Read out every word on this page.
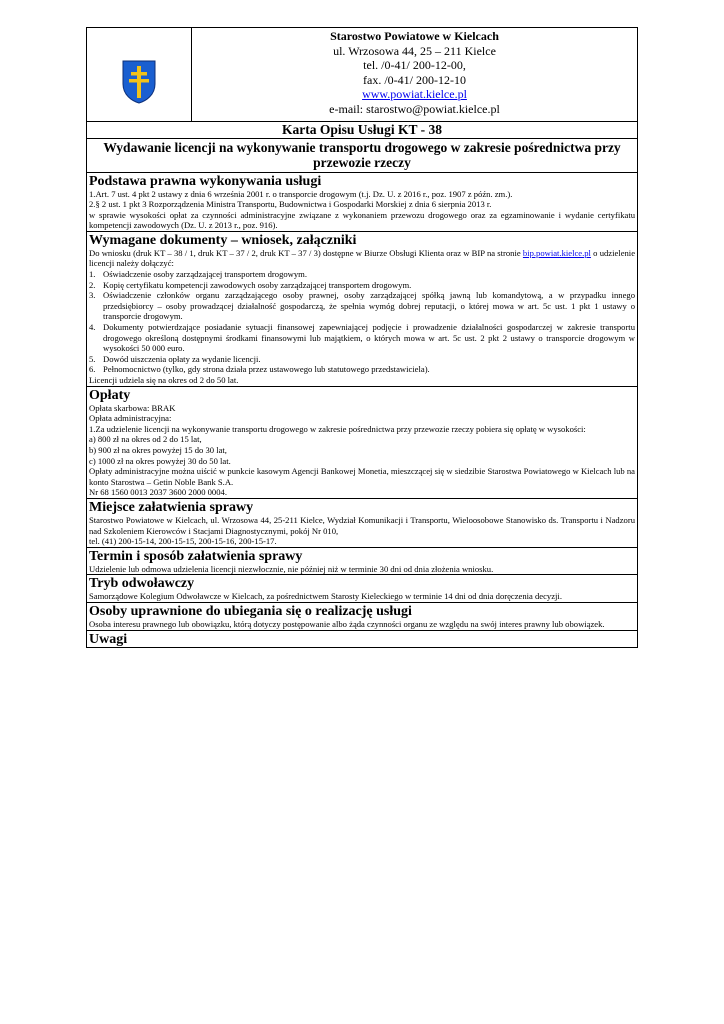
Starostwo Powiatowe w Kielcach
ul. Wrzosowa 44, 25 – 211 Kielce
tel. /0-41/ 200-12-00,
fax. /0-41/ 200-12-10
www.powiat.kielce.pl
e-mail: starostwo@powiat.kielce.pl

Karta Opisu Usługi KT - 38
Wydawanie licencji na wykonywanie transportu drogowego w zakresie pośrednictwa przy przewozie rzeczy

Podstawa prawna wykonywania usługi

1.Art. 7 ust. 4 pkt 2 ustawy z dnia 6 września 2001 r. o transporcie drogowym (t.j. Dz. U. z 2016 r., poz. 1907 z późn. zm.).

2.§ 2 ust. 1 pkt 3 Rozporządzenia Ministra Transportu, Budownictwa i Gospodarki Morskiej z dnia 6 sierpnia 2013 r.

w sprawie wysokości opłat za czynności administracyjne związane z wykonaniem przewozu drogowego oraz za egzaminowanie i wydanie certyfikatu kompetencji zawodowych (Dz. U. z 2013 r., poz. 916).

Wymagane dokumenty – wniosek, załączniki

Do wniosku (druk KT – 38 / 1, druk KT – 37 / 2, druk KT – 37 / 3) dostępne w Biurze Obsługi Klienta oraz w BIP na stronie bip.powiat.kielce.pl o udzielenie licencji należy dołączyć:

1. Oświadczenie osoby zarządzającej transportem drogowym.
2. Kopię certyfikatu kompetencji zawodowych osoby zarządzającej transportem drogowym.
3. Oświadczenie członków organu zarządzającego osoby prawnej, osoby zarządzającej spółką jawną lub komandytową, a w przypadku innego przedsiębiorcy – osoby prowadzącej działalność gospodarczą, że spełnia wymóg dobrej reputacji, o której mowa w art. 5c ust. 1 pkt 1 ustawy o transporcie drogowym.
4. Dokumenty potwierdzające posiadanie sytuacji finansowej zapewniającej podjęcie i prowadzenie działalności gospodarczej w zakresie transportu drogowego określoną dostępnymi środkami finansowymi lub majątkiem, o których mowa w art. 5c ust. 2 pkt 2 ustawy o transporcie drogowym w wysokości 50 000 euro.
5. Dowód uiszczenia opłaty za wydanie licencji.
6. Pełnomocnictwo (tylko, gdy strona działa przez ustawowego lub statutowego przedstawiciela).

Licencji udziela się na okres od 2 do 50 lat.

Opłaty

Opłata skarbowa: BRAK

Opłata administracyjna:

1.Za udzielenie licencji na wykonywanie transportu drogowego w zakresie pośrednictwa przy przewozie rzeczy pobiera się opłatę w wysokości:

a) 800 zł na okres od 2 do 15 lat,

b) 900 zł na okres powyżej 15 do 30 lat,

c) 1000 zł na okres powyżej 30 do 50 lat.

Opłaty administracyjne można uiścić w punkcie kasowym Agencji Bankowej Monetia, mieszczącej się w siedzibie Starostwa Powiatowego w Kielcach lub na konto Starostwa – Getin Noble Bank S.A.

Nr 68 1560 0013 2037 3600 2000 0004.

Miejsce załatwienia sprawy

Starostwo Powiatowe w Kielcach, ul. Wrzosowa 44, 25-211 Kielce, Wydział Komunikacji i Transportu, Wieloosobowe Stanowisko ds. Transportu i Nadzoru nad Szkoleniem Kierowców i Stacjami Diagnostycznymi, pokój Nr 010,

tel. (41) 200-15-14, 200-15-15, 200-15-16, 200-15-17.

Termin i sposób załatwienia sprawy

Udzielenie lub odmowa udzielenia licencji niezwłocznie, nie później niż w terminie 30 dni od dnia złożenia wniosku.

Tryb odwoławczy

Samorządowe Kolegium Odwoławcze w Kielcach, za pośrednictwem Starosty Kieleckiego w terminie 14 dni od dnia doręczenia decyzji.

Osoby uprawnione do ubiegania się o realizację usługi

Osoba interesu prawnego lub obowiązku, którą dotyczy postępowanie albo żąda czynności organu ze względu na swój interes prawny lub obowiązek.

Uwagi
